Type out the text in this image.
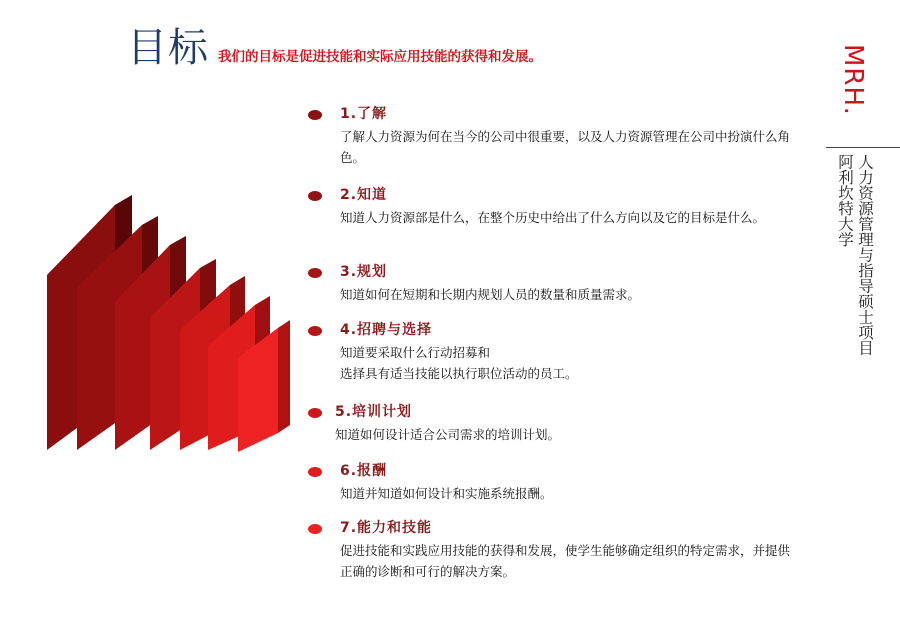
目标 我们的目标是促进技能和实际应用技能的获得和发展。
1.了解
了解人力资源为何在当今的公司中很重要，以及人力资源管理在公司中扮演什么角色。
2.知道
知道人力资源部是什么，在整个历史中给出了什么方向以及它的目标是什么。
3.规划
知道如何在短期和长期内规划人员的数量和质量需求。
4.招聘与选择
知道要采取什么行动招募和
选择具有适当技能以执行职位活动的员工。
5.培训计划
知道如何设计适合公司需求的培训计划。
6.报酬
知道并知道如何设计和实施系统报酬。
7.能力和技能
促进技能和实践应用技能的获得和发展，使学生能够确定组织的特定需求，并提供正确的诊断和可行的解决方案。
MRH.
人力资源管理与指导硕士项目
阿利坎特大学
